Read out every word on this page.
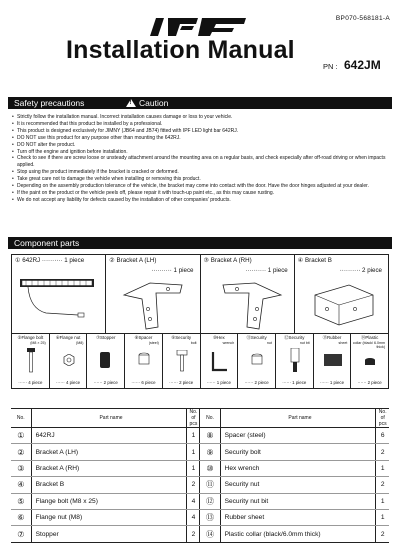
BP070-568181-A
Installation Manual
PN : 642JM
Safety precautions !	Caution
• Strictly follow the installation manual. Incorrect installation causes damage or loss to your vehicle.
• It is recommended that this product be installed by a professional.
• This product is designed exclusively for JIMNY (JB64 and JB74) fitted with IPF LED light bar 642RJ.
• DO NOT use this product for any purpose other than mounting the 642RJ.
• DO NOT alter the product.
• Turn off the engine and ignition before installation.
• Check to see if there are screw loose or unsteady attachment around the mounting area on a regular basis, and check especially after off-road driving or when impacts applied.
• Stop using the product immediately if the bracket is cracked or deformed.
• Take great care not to damage the vehicle when installing or removing this product.
• Depending on the assembly production tolerance of the vehicle, the bracket may come into contact with the door. Have the door hinges adjusted at your dealer.
• If the paint on the product or the vehicle peels off, please repair it with touch-up paint etc., as this may cause rusting.
• We do not accept any liability for defects caused by the installation of other companies' products.
Component parts
① 642RJ ·········· 1 piece	② Bracket A (LH)
·········· 1 piece
③ Bracket A (RH)
·········· 1 piece
④ Bracket B
·········· 2 piece
⑤Flange bolt
(M8 × 25)
······ 4 piece
⑥Flange nut
(M8)
······ 4 piece
⑦Stopper
······ 2 piece
⑧Spacer
(steel)
······ 6 piece
⑨Security
bolt
······ 2 piece
⑩Hex
wrench
······ 1 piece
⑪Security
nut
······ 2 piece
⑫Security
nut bit
······ 1 piece
⑬Rubber
sheet
······ 1 piece
⑭Plastic
collar (black/ 6.0mm thick)
······ 2 piece
No.	Part name	No. of pcs	No.	Part name	No. of pcs
①	642RJ	1	⑧	Spacer (steel)	6
②	Bracket A (LH)	1	⑨	Security bolt	2
③	Bracket A (RH)	1	⑩	Hex wrench	1
④	Bracket B	2	⑪	Security nut	2
⑤	Flange bolt (M8 x 25)	4	⑫	Security nut bit	1
⑥	Flange nut (M8)	4	⑬	Rubber sheet	1
⑦	Stopper	2	⑭	Plastic collar (black/6.0mm thick)	2
